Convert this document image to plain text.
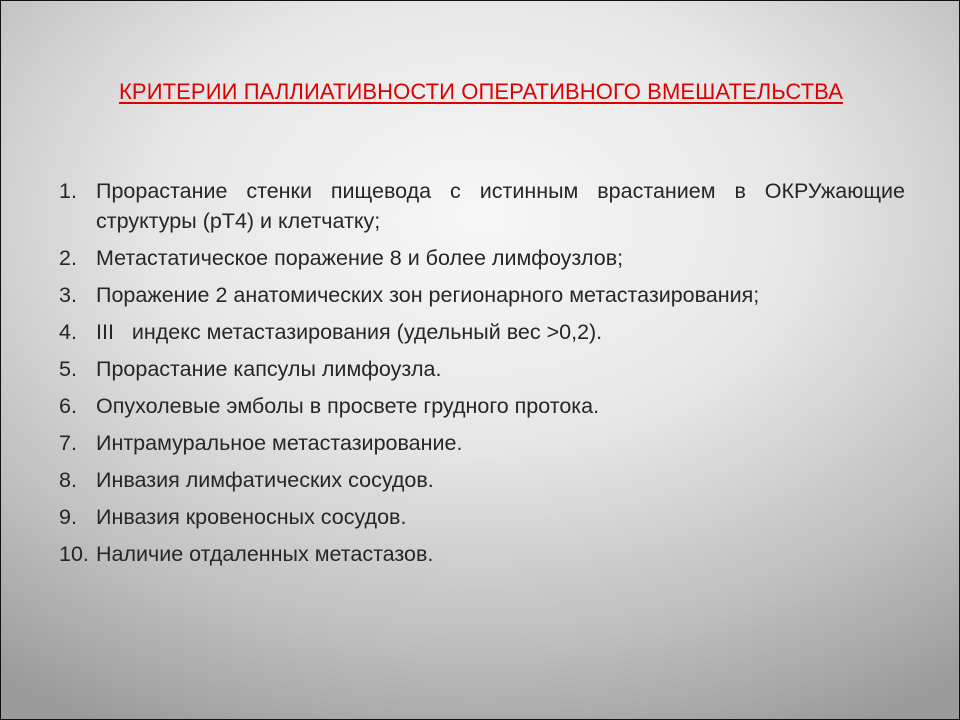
КРИТЕРИИ ПАЛЛИАТИВНОСТИ ОПЕРАТИВНОГО ВМЕШАТЕЛЬСТВА
1. Прорастание стенки пищевода с истинным врастанием в ОКРУжающие структуры (рТ4) и клетчатку;
2. Метастатическое поражение 8 и более лимфоузлов;
3. Поражение 2 анатомических зон регионарного метастазирования;
4. III   индекс метастазирования (удельный вес >0,2).
5. Прорастание капсулы лимфоузла.
6. Опухолевые эмболы в просвете грудного протока.
7. Интрамуральное метастазирование.
8. Инвазия лимфатических сосудов.
9. Инвазия кровеносных сосудов.
10. Наличие отдаленных метастазов.
